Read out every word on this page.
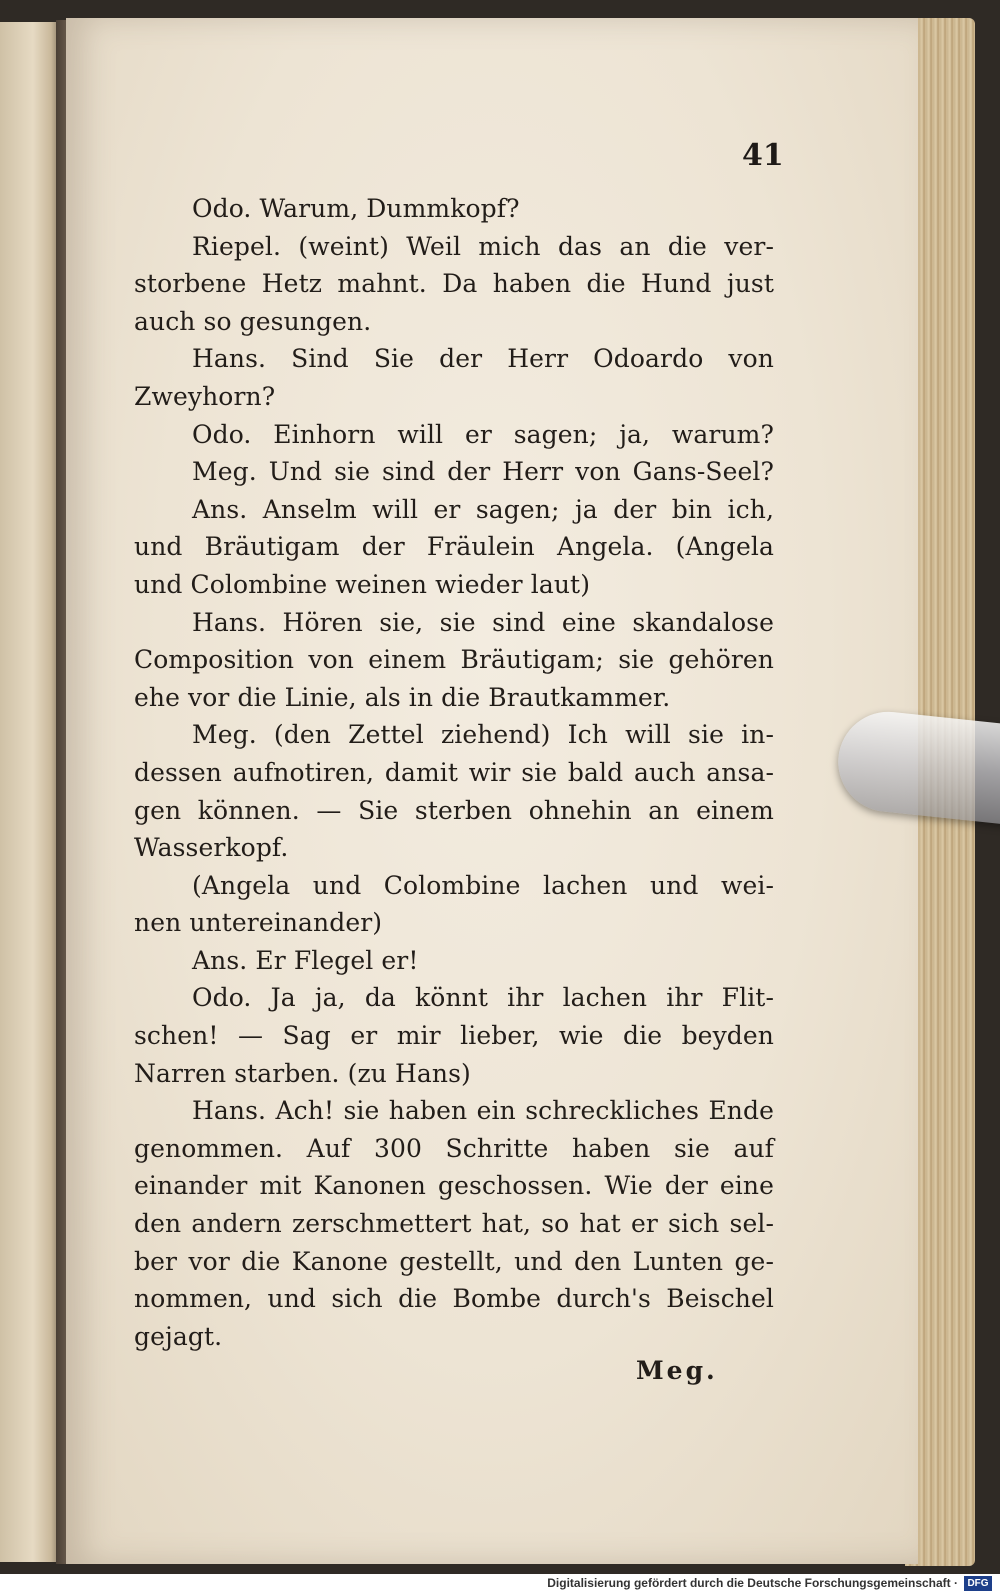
41
Odo. Warum, Dummkopf?
Riepel. (weint) Weil mich das an die ver-
storbene Hetz mahnt. Da haben die Hund just
auch so gesungen.
Hans. Sind Sie der Herr Odoardo von
Zweyhorn?
Odo. Einhorn will er sagen; ja, warum?
Meg. Und sie sind der Herr von Gans-Seel?
Ans. Anselm will er sagen; ja der bin ich,
und Bräutigam der Fräulein Angela. (Angela
und Colombine weinen wieder laut)
Hans. Hören sie, sie sind eine skandalose
Composition von einem Bräutigam; sie gehören
ehe vor die Linie, als in die Brautkammer.
Meg. (den Zettel ziehend) Ich will sie in-
dessen aufnotiren, damit wir sie bald auch ansa-
gen können. — Sie sterben ohnehin an einem
Wasserkopf.
(Angela und Colombine lachen und wei-
nen untereinander)
Ans. Er Flegel er!
Odo. Ja ja, da könnt ihr lachen ihr Flit-
schen! — Sag er mir lieber, wie die beyden
Narren starben. (zu Hans)
Hans. Ach! sie haben ein schreckliches Ende
genommen. Auf 300 Schritte haben sie auf
einander mit Kanonen geschossen. Wie der eine
den andern zerschmettert hat, so hat er sich sel-
ber vor die Kanone gestellt, und den Lunten ge-
nommen, und sich die Bombe durch's Beischel
gejagt.
Meg.
Digitalisierung gefördert durch die Deutsche Forschungsgemeinschaft · DFG
